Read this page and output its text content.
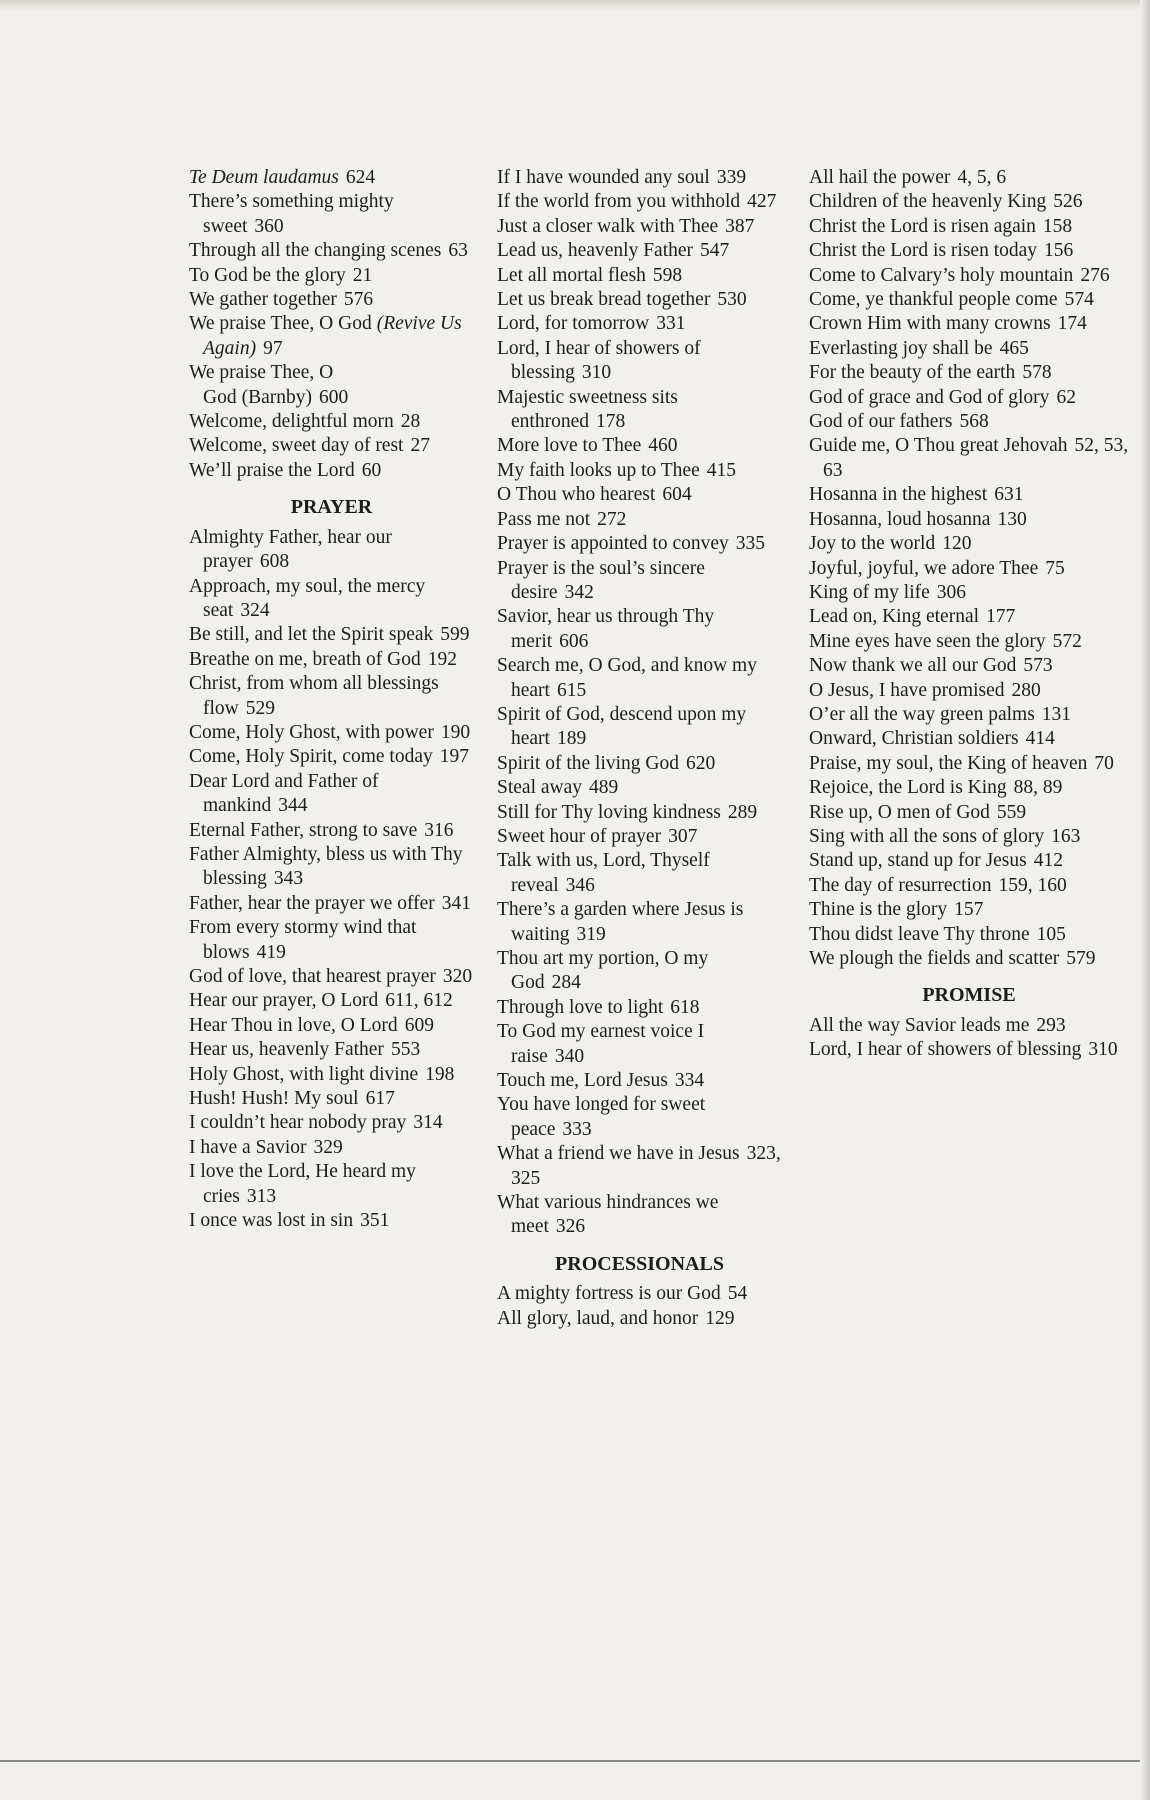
Te Deum laudamus 624

There’s something mighty sweet 360

Through all the changing scenes 63

To God be the glory 21

We gather together 576

We praise Thee, O God (Revive Us Again) 97

We praise Thee, O God (Barnby) 600

Welcome, delightful morn 28

Welcome, sweet day of rest 27

We’ll praise the Lord 60

PRAYER

Almighty Father, hear our prayer 608

Approach, my soul, the mercy seat 324

Be still, and let the Spirit speak 599

Breathe on me, breath of God 192

Christ, from whom all blessings flow 529

Come, Holy Ghost, with power 190

Come, Holy Spirit, come today 197

Dear Lord and Father of mankind 344

Eternal Father, strong to save 316

Father Almighty, bless us with Thy blessing 343

Father, hear the prayer we offer 341

From every stormy wind that blows 419

God of love, that hearest prayer 320

Hear our prayer, O Lord 611, 612

Hear Thou in love, O Lord 609

Hear us, heavenly Father 553

Holy Ghost, with light divine 198

Hush! Hush! My soul 617

I couldn’t hear nobody pray 314

I have a Savior 329

I love the Lord, He heard my cries 313

I once was lost in sin 351

If I have wounded any soul 339

If the world from you withhold 427

Just a closer walk with Thee 387

Lead us, heavenly Father 547

Let all mortal flesh 598

Let us break bread together 530

Lord, for tomorrow 331

Lord, I hear of showers of blessing 310

Majestic sweetness sits enthroned 178

More love to Thee 460

My faith looks up to Thee 415

O Thou who hearest 604

Pass me not 272

Prayer is appointed to convey 335

Prayer is the soul’s sincere desire 342

Savior, hear us through Thy merit 606

Search me, O God, and know my heart 615

Spirit of God, descend upon my heart 189

Spirit of the living God 620

Steal away 489

Still for Thy loving kindness 289

Sweet hour of prayer 307

Talk with us, Lord, Thyself reveal 346

There’s a garden where Jesus is waiting 319

Thou art my portion, O my God 284

Through love to light 618

To God my earnest voice I raise 340

Touch me, Lord Jesus 334

You have longed for sweet peace 333

What a friend we have in Jesus 323, 325

What various hindrances we meet 326

PROCESSIONALS

A mighty fortress is our God 54

All glory, laud, and honor 129

All hail the power 4, 5, 6

Children of the heavenly King 526

Christ the Lord is risen again 158

Christ the Lord is risen today 156

Come to Calvary’s holy mountain 276

Come, ye thankful people come 574

Crown Him with many crowns 174

Everlasting joy shall be 465

For the beauty of the earth 578

God of grace and God of glory 62

God of our fathers 568

Guide me, O Thou great Jehovah 52, 53, 63

Hosanna in the highest 631

Hosanna, loud hosanna 130

Joy to the world 120

Joyful, joyful, we adore Thee 75

King of my life 306

Lead on, King eternal 177

Mine eyes have seen the glory 572

Now thank we all our God 573

O Jesus, I have promised 280

O’er all the way green palms 131

Onward, Christian soldiers 414

Praise, my soul, the King of heaven 70

Rejoice, the Lord is King 88, 89

Rise up, O men of God 559

Sing with all the sons of glory 163

Stand up, stand up for Jesus 412

The day of resurrection 159, 160

Thine is the glory 157

Thou didst leave Thy throne 105

We plough the fields and scatter 579

PROMISE

All the way Savior leads me 293

Lord, I hear of showers of blessing 310
